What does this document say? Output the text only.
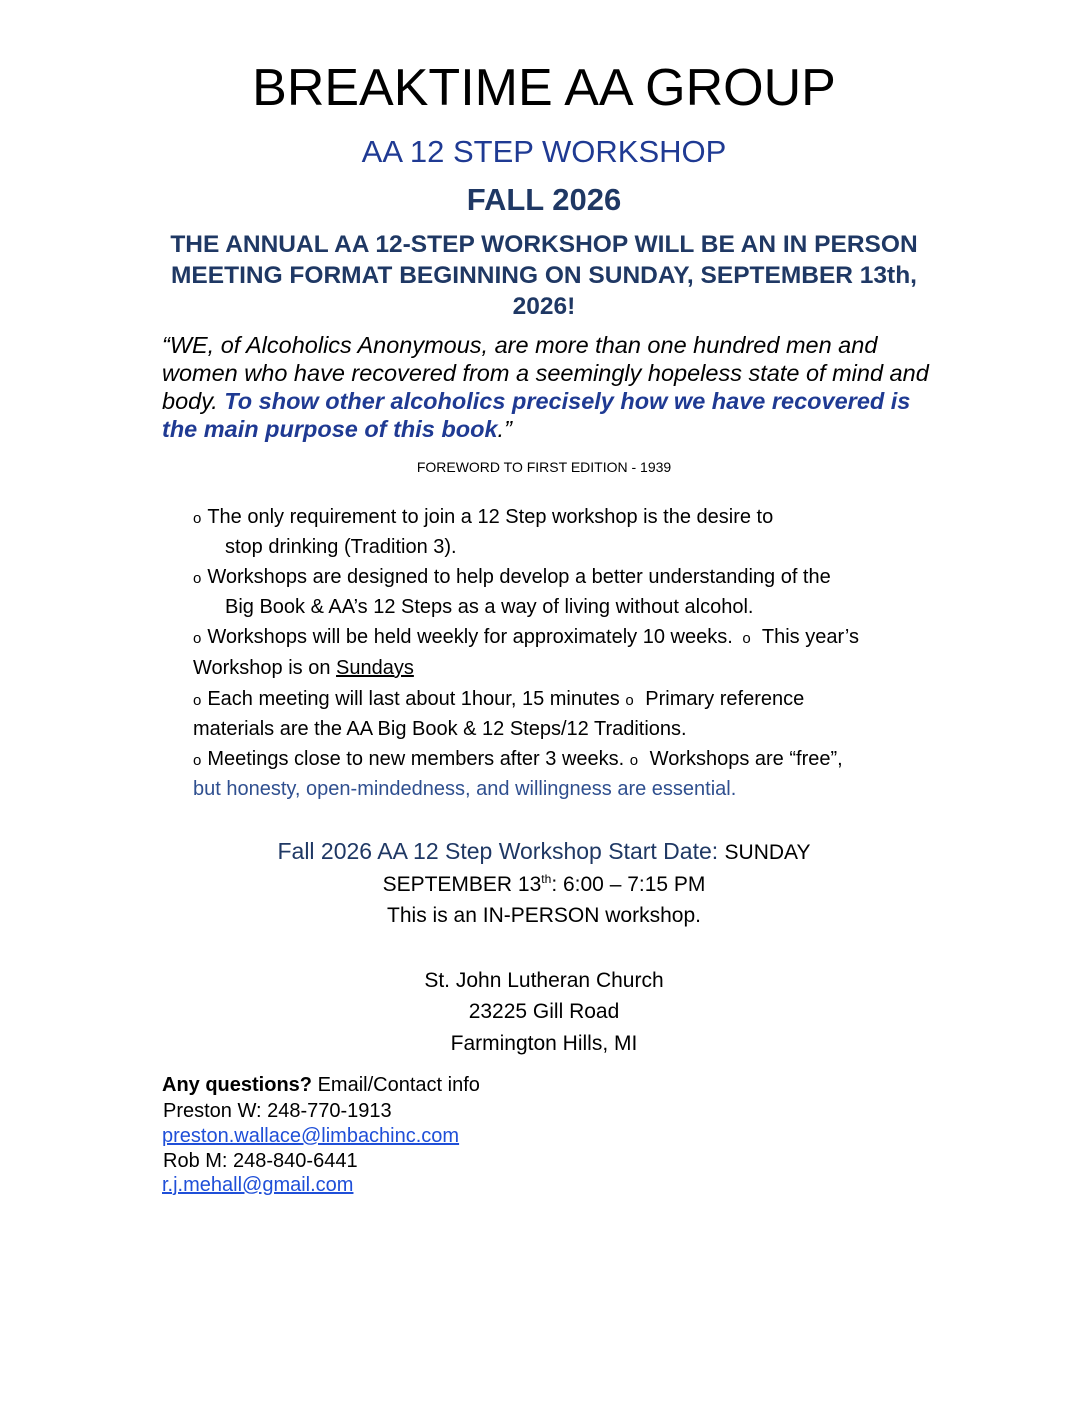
BREAKTIME AA GROUP
AA 12 STEP WORKSHOP
FALL 2026
THE ANNUAL AA 12-STEP WORKSHOP WILL BE AN IN PERSON MEETING FORMAT BEGINNING ON SUNDAY, SEPTEMBER 13th, 2026!
“WE, of Alcoholics Anonymous, are more than one hundred men and women who have recovered from a seemingly hopeless state of mind and body. To show other alcoholics precisely how we have recovered is the main purpose of this book.”
FOREWORD TO FIRST EDITION - 1939
o The only requirement to join a 12 Step workshop is the desire to
stop drinking (Tradition 3).
o Workshops are designed to help develop a better understanding of the
Big Book & AA’s 12 Steps as a way of living without alcohol.
o Workshops will be held weekly for approximately 10 weeks. o This year’s
Workshop is on Sundays
o Each meeting will last about 1hour, 15 minutes o Primary reference
materials are the AA Big Book & 12 Steps/12 Traditions.
o Meetings close to new members after 3 weeks. o Workshops are “free”,
but honesty, open-mindedness, and willingness are essential.
Fall 2026 AA 12 Step Workshop Start Date: SUNDAY
SEPTEMBER 13th: 6:00 – 7:15 PM
This is an IN-PERSON workshop.
St. John Lutheran Church
23225 Gill Road
Farmington Hills, MI
Any questions? Email/Contact info
Preston W: 248-770-1913
preston.wallace@limbachinc.com
Rob M: 248-840-6441
r.j.mehall@gmail.com
